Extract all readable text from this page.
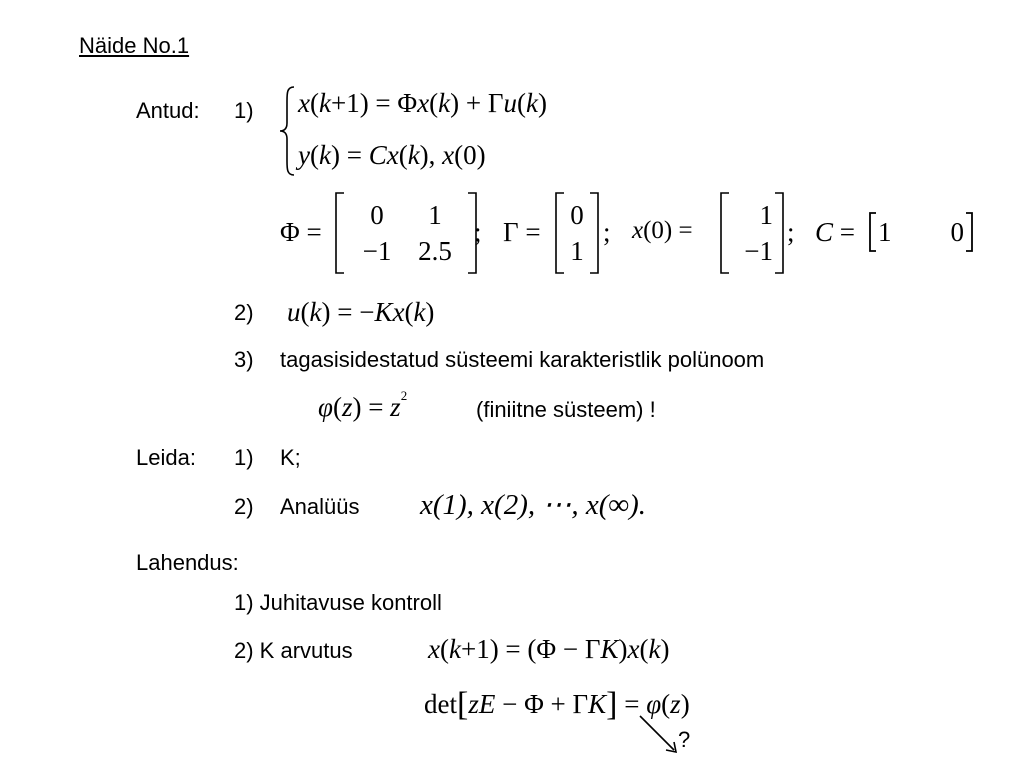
Näide No.1
Antud: 1) x(k+1) = Φx(k) + Γu(k)
y(k) = Cx(k), x(0)
Φ =
0	1
−1 2.5
; Γ =
0
1
; x(0) =
1
−1
; C = 1	0
2) u(k) = −Kx(k)
3) tagasisidestatud süsteemi karakteristlik polünoom
$\varphi(z) = z^2$
(finiitne süsteem) !
Leida: 1) K;
2) Analüüs x(1), x(2), ⋯, x(∞).
Lahendus:
1) Juhitavuse kontroll
2) K arvutus	x(k+1) = (Φ − ΓK)x(k)
det[zE − Φ + ΓK] = φ(z)
?
